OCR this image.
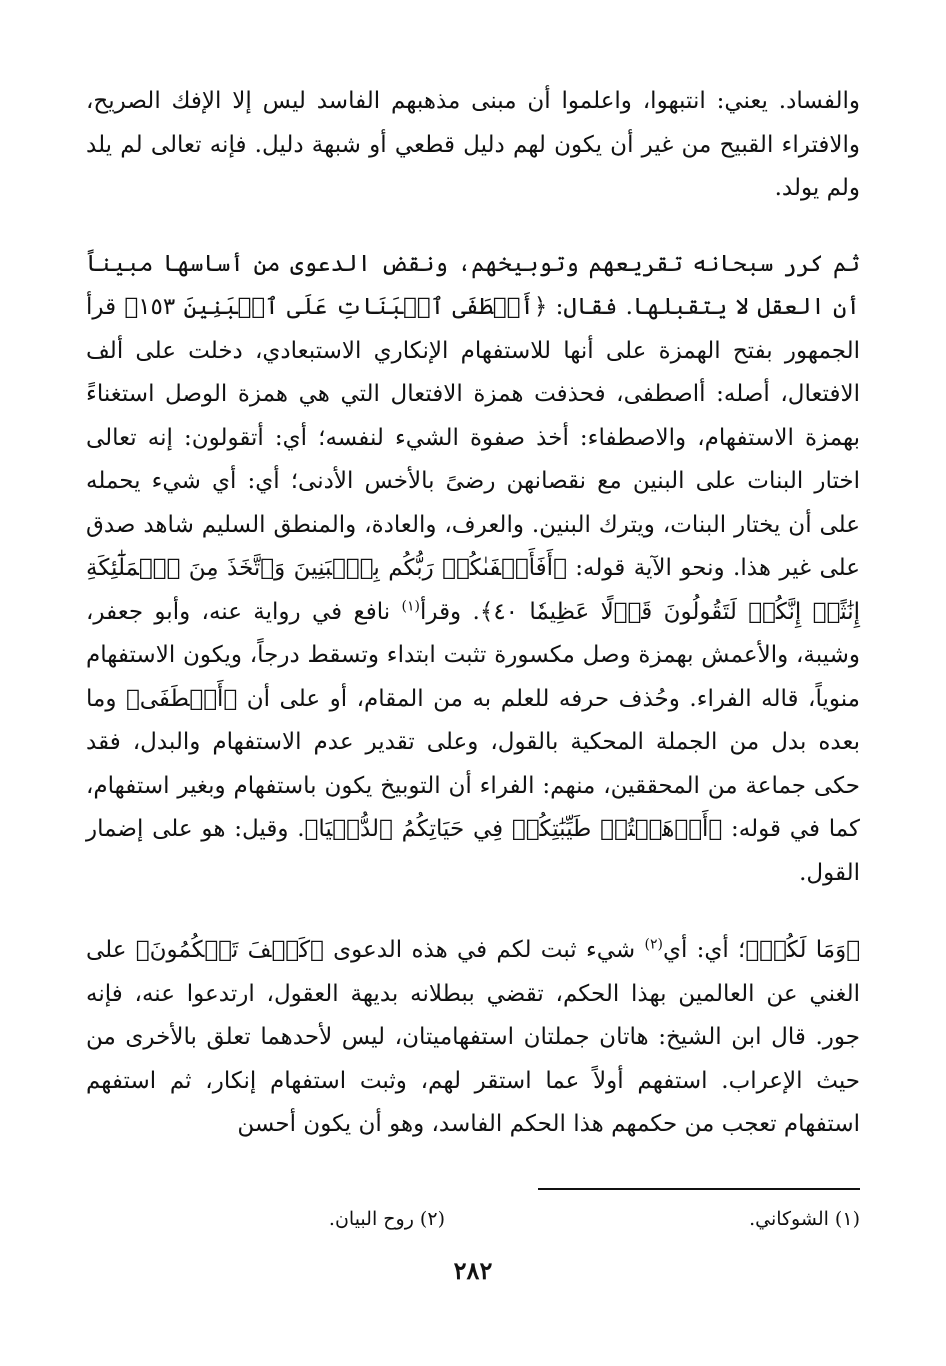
والفساد. يعني: انتبهوا، واعلموا أن مبنى مذهبهم الفاسد ليس إلا الإفك الصريح، والافتراء القبيح من غير أن يكون لهم دليل قطعي أو شبهة دليل. فإنه تعالى لم يلد ولم يولد.

ثم كرر سبحانه تقريعهم وتوبيخهم، ونقض الدعوى من أساسها مبيناً أن العقل لا يتقبلها. فقال: ﴿أَصۡطَفَى ٱلۡبَنَاتِ عَلَى ٱلۡبَنِينَ ١٥٣﴾ قرأ الجمهور بفتح الهمزة على أنها للاستفهام الإنكاري الاستبعادي، دخلت على ألف الافتعال، أصله: أاصطفى، فحذفت همزة الافتعال التي هي همزة الوصل استغناءً بهمزة الاستفهام، والاصطفاء: أخذ صفوة الشيء لنفسه؛ أي: أتقولون: إنه تعالى اختار البنات على البنين مع نقصانهن رضىً بالأخس الأدنى؛ أي: أي شيء يحمله على أن يختار البنات، ويترك البنين. والعرف، والعادة، والمنطق السليم شاهد صدق على غير هذا. ونحو الآية قوله: ﴿أَفَأَصۡفَىٰكُمۡ رَبُّكُم بِٱلۡبَنِينَ وَٱتَّخَذَ مِنَ ٱلۡمَلَٰٓئِكَةِ إِنَٰثًاۚ إِنَّكُمۡ لَتَقُولُونَ قَوۡلًا عَظِيمٗا ٤٠﴾. وقرأ$^{(١)}$ نافع في رواية عنه، وأبو جعفر، وشيبة، والأعمش بهمزة وصل مكسورة تثبت ابتداء وتسقط درجاً، ويكون الاستفهام منوياً، قاله الفراء. وحُذف حرفه للعلم به من المقام، أو على أن ﴿أَصۡطَفَى﴾ وما بعده بدل من الجملة المحكية بالقول، وعلى تقدير عدم الاستفهام والبدل، فقد حكى جماعة من المحققين، منهم: الفراء أن التوبيخ يكون باستفهام وبغير استفهام، كما في قوله: ﴿أَذۡهَبۡتُمۡ طَيِّبَٰتِكُمۡ فِي حَيَاتِكُمُ ٱلدُّنۡيَا﴾. وقيل: هو على إضمار القول.

﴿وَمَا لَكُمۡ﴾؛ أي: أي$^{(٢)}$ شيء ثبت لكم في هذه الدعوى ﴿كَيۡفَ تَحۡكُمُونَ﴾ على الغني عن العالمين بهذا الحكم، تقضي ببطلانه بديهة العقول، ارتدعوا عنه، فإنه جور. قال ابن الشيخ: هاتان جملتان استفهاميتان، ليس لأحدهما تعلق بالأخرى من حيث الإعراب. استفهم أولاً عما استقر لهم، وثبت استفهام إنكار، ثم استفهم استفهام تعجب من حكمهم هذا الحكم الفاسد، وهو أن يكون أحسن

(١) الشوكاني.
(٢) روح البيان.
٢٨٢
